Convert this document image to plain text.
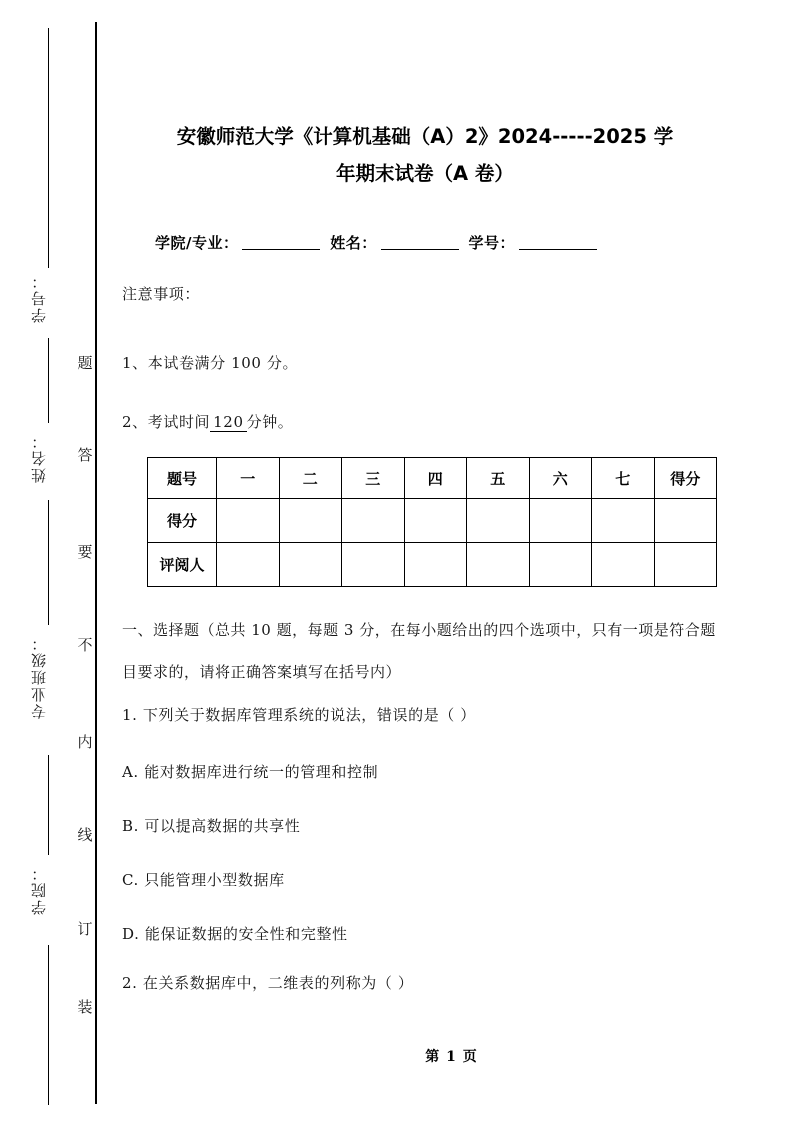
学号：
姓名：
专业班级：
学院：
题
答
要
不
内
线
订
装
安徽师范大学《计算机基础（A）2》2024-----2025 学
年期末试卷（A 卷）
学院/专业：	姓名：	学号：
注意事项：
1、本试卷满分 100 分。
2、考试时间 120 分钟。
题号	一	二	三	四	五	六	七	得分
得分								
评阅人								
一、选择题（总共 10 题，每题 3 分，在每小题给出的四个选项中，只有一项是符合题目要求的，请将正确答案填写在括号内）
1. 下列关于数据库管理系统的说法，错误的是（ ）
A. 能对数据库进行统一的管理和控制
B. 可以提高数据的共享性
C. 只能管理小型数据库
D. 能保证数据的安全性和完整性
2. 在关系数据库中，二维表的列称为（ ）
第 1 页
